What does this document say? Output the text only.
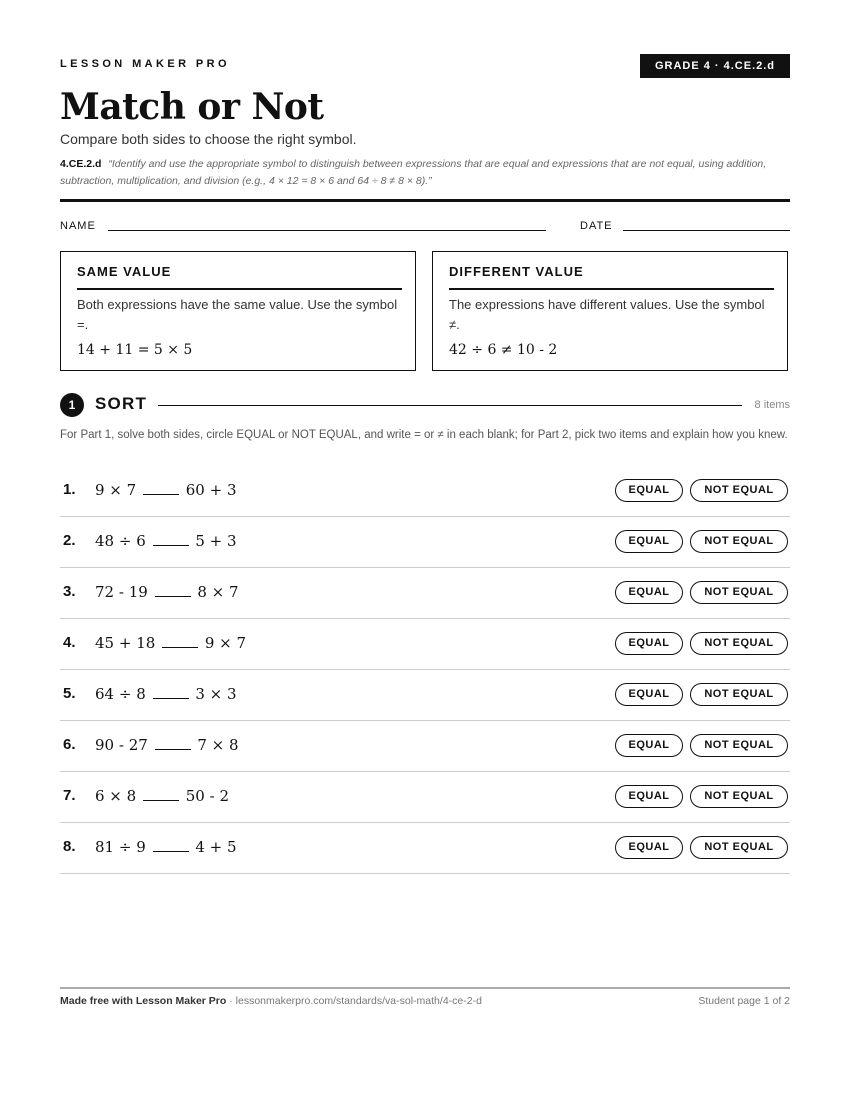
LESSON MAKER PRO	GRADE 4 · 4.CE.2.d
Match or Not
Compare both sides to choose the right symbol.
4.CE.2.d “Identify and use the appropriate symbol to distinguish between expressions that are equal and expressions that are not equal, using addition, subtraction, multiplication, and division (e.g., 4 × 12 = 8 × 6 and 64 ÷ 8 ≠ 8 × 8).”
NAME	DATE
SAME VALUE
Both expressions have the same value. Use the symbol =.
14 + 11 = 5 × 5
DIFFERENT VALUE
The expressions have different values. Use the symbol ≠.
42 ÷ 6 ≠ 10 - 2
1	SORT	8 items
For Part 1, solve both sides, circle EQUAL or NOT EQUAL, and write = or ≠ in each blank; for Part 2, pick two items and explain how you knew.
1. 9 × 7	60 + 3	EQUAL	NOT EQUAL
2. 48 ÷ 6	5 + 3	EQUAL	NOT EQUAL
3. 72 - 19	8 × 7	EQUAL	NOT EQUAL
4. 45 + 18	9 × 7	EQUAL	NOT EQUAL
5. 64 ÷ 8	3 × 3	EQUAL	NOT EQUAL
6. 90 - 27	7 × 8	EQUAL	NOT EQUAL
7. 6 × 8	50 - 2	EQUAL	NOT EQUAL
8. 81 ÷ 9	4 + 5	EQUAL	NOT EQUAL
Made free with Lesson Maker Pro · lessonmakerpro.com/standards/va-sol-math/4-ce-2-d	Student page 1 of 2
